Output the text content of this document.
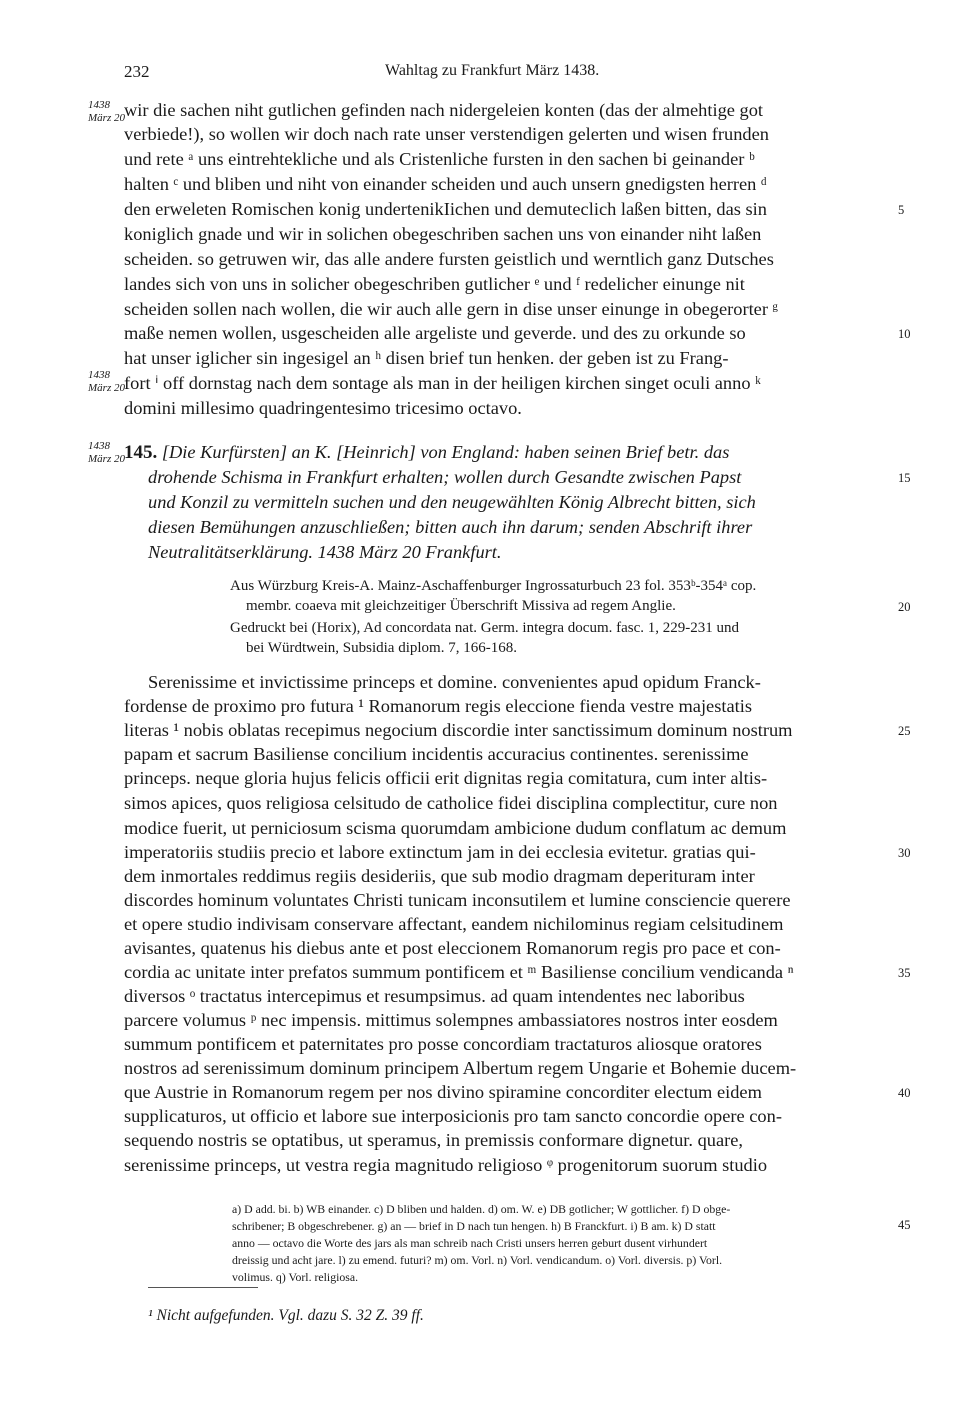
232	Wahltag zu Frankfurt März 1438.
1438
März 20
1438
März 20
1438
März 20
wir die sachen niht gutlichen gefinden nach nidergeleien konten (das der almehtige got
verbiede!), so wollen wir doch nach rate unser verstendigen gelerten und wisen frunden
und rete ᵃ uns eintrehtekliche und als Cristenliche fursten in den sachen bi geinander ᵇ
halten ᶜ und bliben und niht von einander scheiden und auch unsern gnedigsten herren ᵈ
den erweleten Romischen konig undertenikIichen und demuteclich laßen bitten, das sin
koniglich gnade und wir in solichen obegeschriben sachen uns von einander niht laßen
scheiden. so getruwen wir, das alle andere fursten geistlich und werntlich ganz Dutsches
landes sich von uns in solicher obegeschriben gutlicher ᵉ und ᶠ redelicher einunge nit
scheiden sollen nach wollen, die wir auch alle gern in dise unser einunge in obegerorter ᵍ
maße nemen wollen, usgescheiden alle argeliste und geverde. und des zu orkunde so
hat unser iglicher sin ingesigel an ʰ disen brief tun henken. der geben ist zu Frang-
fort ⁱ off dornstag nach dem sontage als man in der heiligen kirchen singet oculi anno ᵏ
domini millesimo quadringentesimo tricesimo octavo.
145. [Die Kurfürsten] an K. [Heinrich] von England: haben seinen Brief betr. das
drohende Schisma in Frankfurt erhalten; wollen durch Gesandte zwischen Papst
und Konzil zu vermitteln suchen und den neugewählten König Albrecht bitten, sich
diesen Bemühungen anzuschließen; bitten auch ihn darum; senden Abschrift ihrer
Neutralitätserklärung. 1438 März 20 Frankfurt.
Aus Würzburg Kreis-A. Mainz-Aschaffenburger Ingrossaturbuch 23 fol. 353ᵇ-354ᵃ cop.
membr. coaeva mit gleichzeitiger Überschrift Missiva ad regem Anglie.
Gedruckt bei (Horix), Ad concordata nat. Germ. integra docum. fasc. 1, 229-231 und
bei Würdtwein, Subsidia diplom. 7, 166-168.
Serenissime et invictissime princeps et domine. convenientes apud opidum Franck-
fordense de proximo pro futura ¹ Romanorum regis eleccione fienda vestre majestatis
literas ¹ nobis oblatas recepimus negocium discordie inter sanctissimum dominum nostrum
papam et sacrum Basiliense concilium incidentis accuracius continentes. serenissime
princeps. neque gloria hujus felicis officii erit dignitas regia comitatura, cum inter altis-
simos apices, quos religiosa celsitudo de catholice fidei disciplina complectitur, cure non
modice fuerit, ut perniciosum scisma quorumdam ambicione dudum conflatum ac demum
imperatoriis studiis precio et labore extinctum jam in dei ecclesia evitetur. gratias qui-
dem inmortales reddimus regiis desideriis, que sub modio dragmam deperituram inter
discordes hominum voluntates Christi tunicam inconsutilem et lumine consciencie querere
et opere studio indivisam conservare affectant, eandem nichilominus regiam celsitudinem
avisantes, quatenus his diebus ante et post eleccionem Romanorum regis pro pace et con-
cordia ac unitate inter prefatos summum pontificem et ᵐ Basiliense concilium vendicanda ⁿ
diversos ᵒ tractatus intercepimus et resumpsimus. ad quam intendentes nec laboribus
parcere volumus ᵖ nec impensis. mittimus solempnes ambassiatores nostros inter eosdem
summum pontificem et paternitates pro posse concordiam tractaturos aliosque oratores
nostros ad serenissimum dominum principem Albertum regem Ungarie et Bohemie ducem-
que Austrie in Romanorum regem per nos divino spiramine concorditer electum eidem
supplicaturos, ut officio et labore sue interposicionis pro tam sancto concordie opere con-
sequendo nostris se optatibus, ut speramus, in premissis conformare dignetur. quare,
serenissime princeps, ut vestra regia magnitudo religioso ᵠ progenitorum suorum studio
5
10
15
20
25
30
35
40
45
a) D add. bi. b) WB einander. c) D bliben und halden. d) om. W. e) DB gotlicher; W gottlicher. f) D obge-
schribener; B obgeschrebener. g) an — brief in D nach tun hengen. h) B Franckfurt. i) B am. k) D statt
anno — octavo die Worte des jars als man schreib nach Cristi unsers herren geburt dusent virhundert
dreissig und acht jare. l) zu emend. futuri? m) om. Vorl. n) Vorl. vendicandum. o) Vorl. diversis. p) Vorl.
volimus. q) Vorl. religiosa.
¹ Nicht aufgefunden. Vgl. dazu S. 32 Z. 39 ff.
